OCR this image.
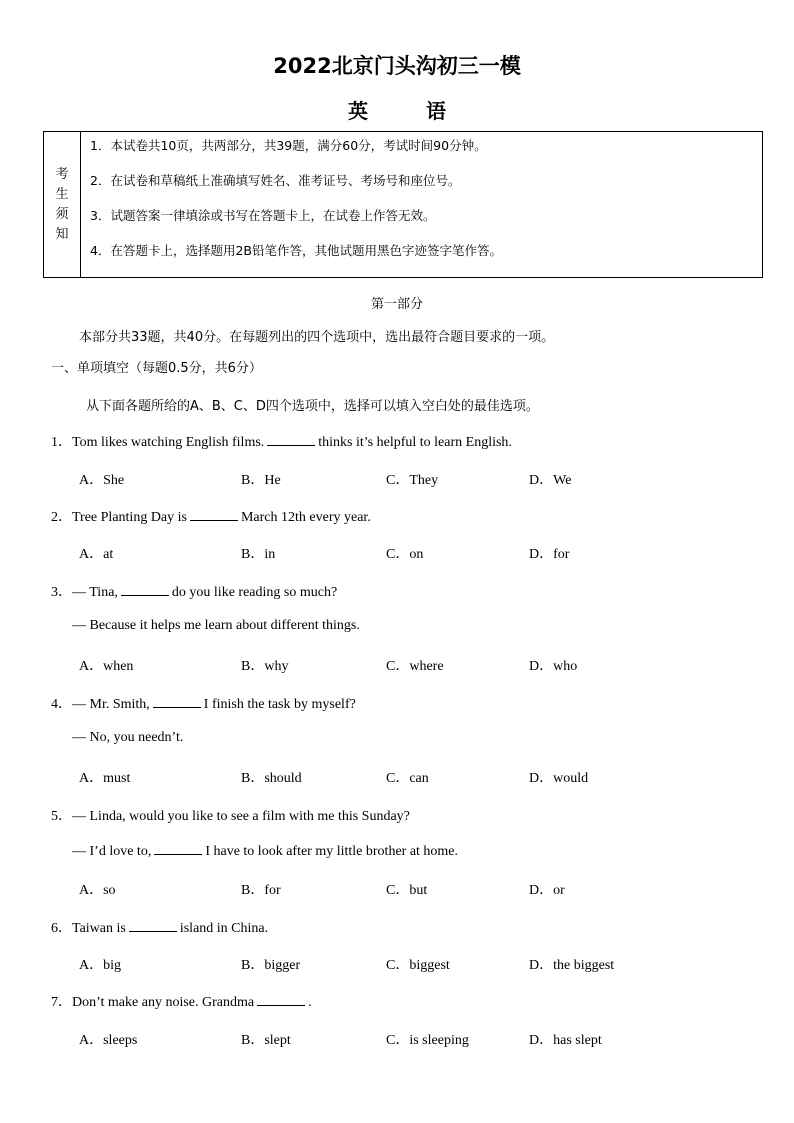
2022北京门头沟初三一模
英	语
考
生
须
知
1．本试卷共10页，共两部分，共39题，满分60分，考试时间90分钟。
2．在试卷和草稿纸上准确填写姓名、准考证号、考场号和座位号。
3．试题答案一律填涂或书写在答题卡上，在试卷上作答无效。
4．在答题卡上，选择题用2B铅笔作答，其他试题用黑色字迹签字笔作答。
第一部分
本部分共33题，共40分。在每题列出的四个选项中，选出最符合题目要求的一项。
一、单项填空（每题0.5分，共6分）
从下面各题所给的A、B、C、D四个选项中，选择可以填入空白处的最佳选项。
1．Tom likes watching English films.	thinks it’s helpful to learn English.
A．She	B．He	C．They	D．We
2．Tree Planting Day is	March 12th every year.
A．at	B．in	C．on	D．for
3．— Tina,	do you like reading so much?
— Because it helps me learn about different things.
A．when	B．why	C．where	D．who
4．— Mr. Smith,	I finish the task by myself?
— No, you needn’t.
A．must	B．should	C．can	D．would
5．— Linda, would you like to see a film with me this Sunday?
— I’d love to,	I have to look after my little brother at home.
A．so	B．for	C．but	D．or
6．Taiwan is	island in China.
A．big	B．bigger	C．biggest	D．the biggest
7．Don’t make any noise. Grandma	.
A．sleeps	B．slept	C．is sleeping	D．has slept
